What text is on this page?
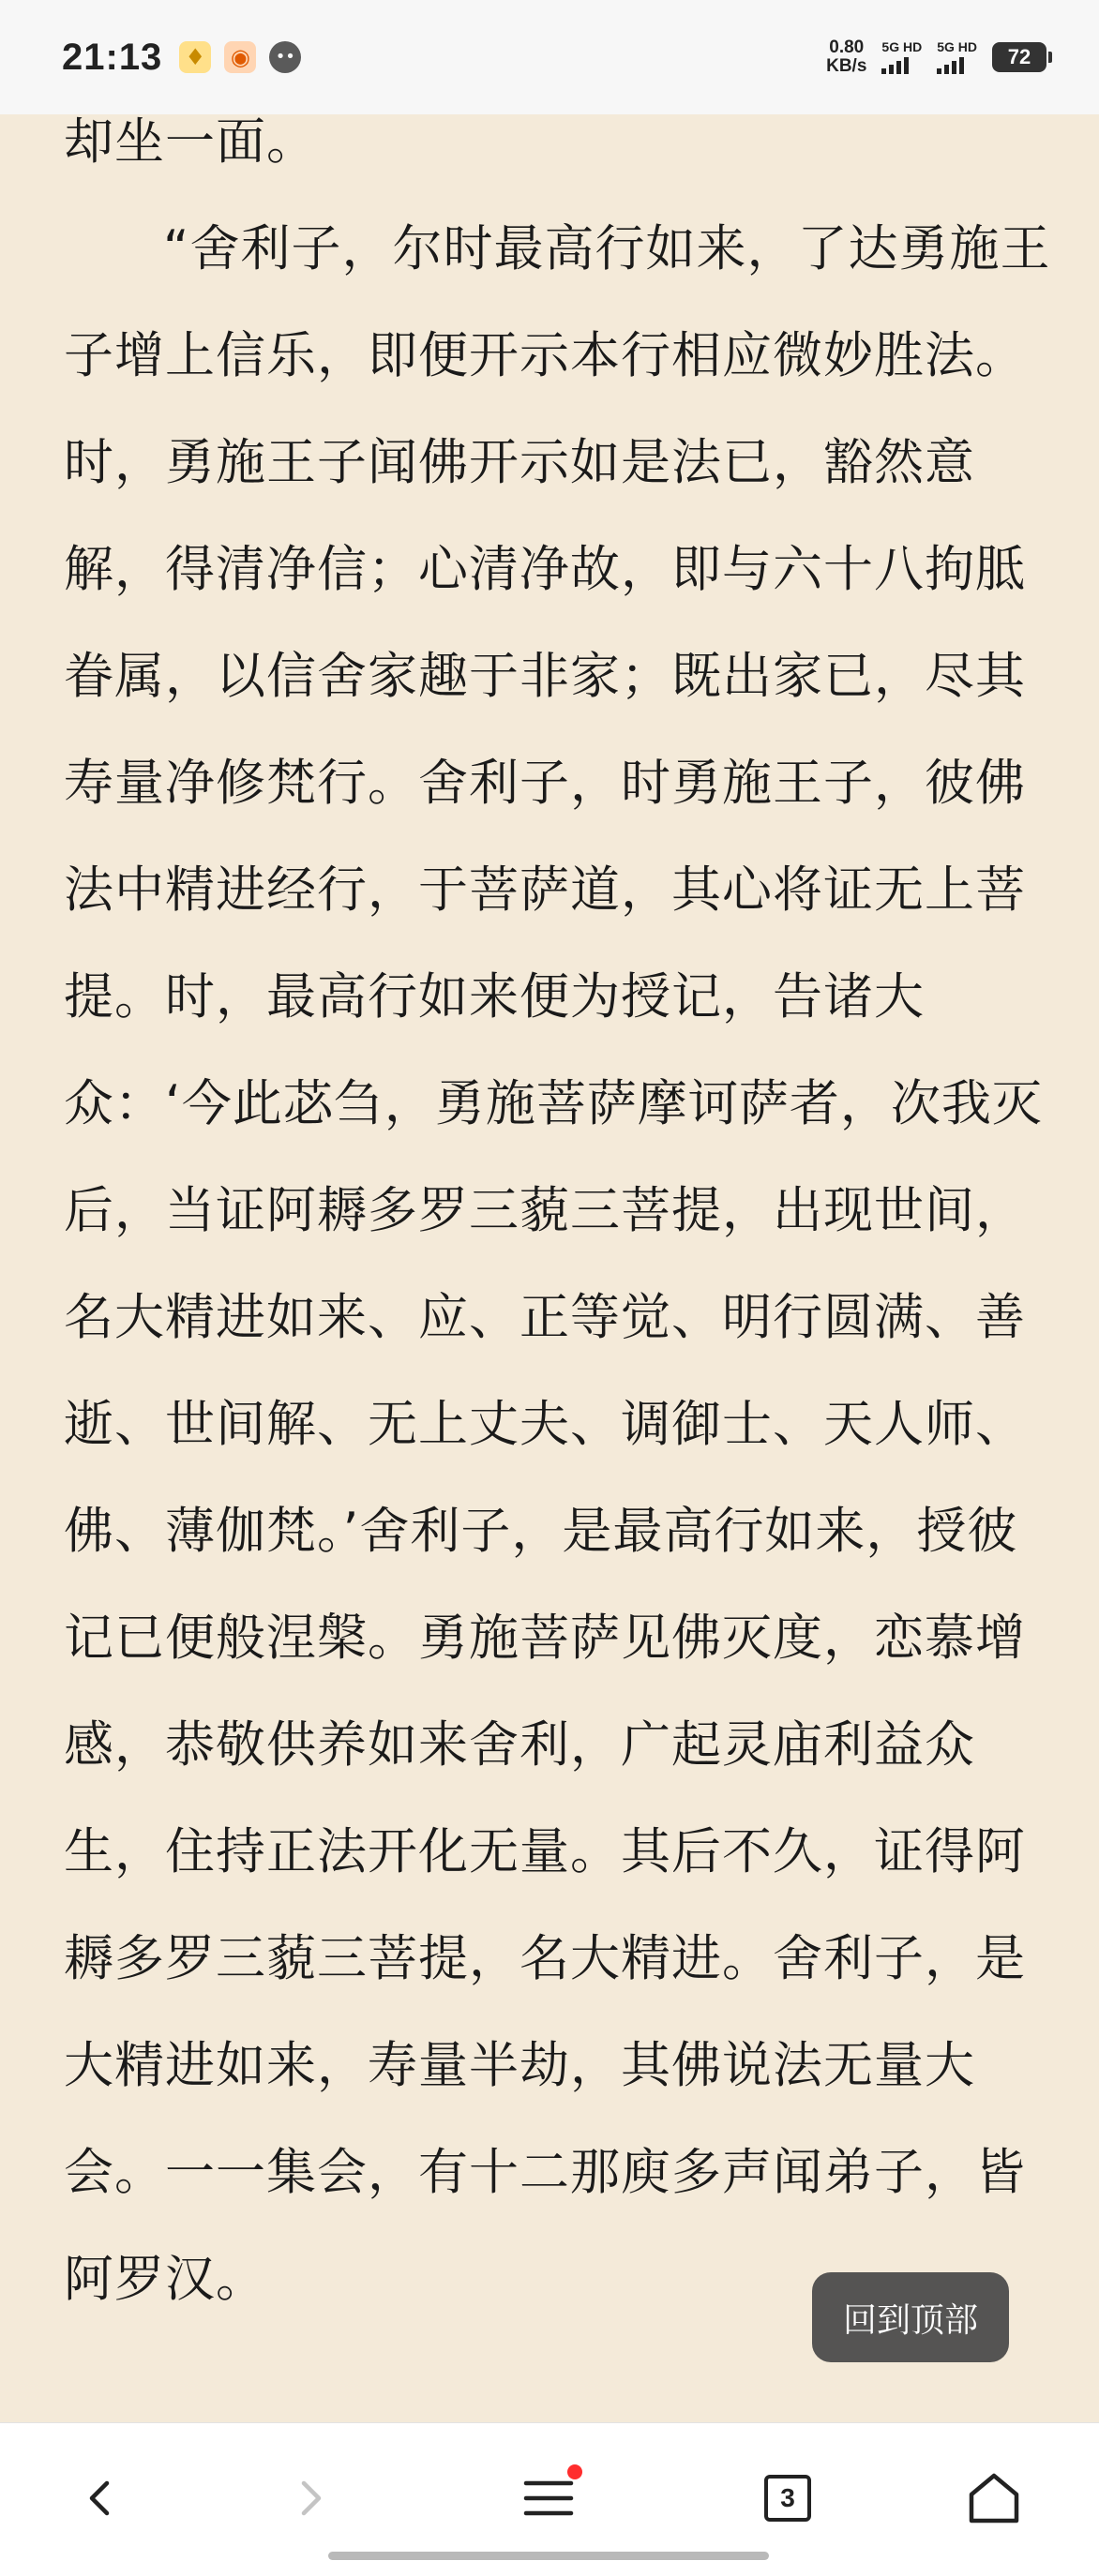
21:13 ♦ ◉	••	0.80
KB/s
5G HD 5G HD 72

却坐一面。

“舍利子，尔时最高行如来，了达勇施王子增上信乐，即便开示本行相应微妙胜法。时，勇施王子闻佛开示如是法已，豁然意解，得清净信；心清净故，即与六十八拘胝眷属，以信舍家趣于非家；既出家已，尽其寿量净修梵行。舍利子，时勇施王子，彼佛法中精进经行，于菩萨道，其心将证无上菩提。时，最高行如来便为授记，告诸大众：‘今此苾刍，勇施菩萨摩诃萨者，次我灭后，当证阿耨多罗三藐三菩提，出现世间，名大精进如来、应、正等觉、明行圆满、善逝、世间解、无上丈夫、调御士、天人师、佛、薄伽梵。’舍利子，是最高行如来，授彼记已便般涅槃。勇施菩萨见佛灭度，恋慕增感，恭敬供养如来舍利，广起灵庙利益众生，住持正法开化无量。其后不久，证得阿耨多罗三藐三菩提，名大精进。舍利子，是大精进如来，寿量半劫，其佛说法无量大会。一一集会，有十二那庾多声闻弟子，皆阿罗汉。

回到顶部
3
